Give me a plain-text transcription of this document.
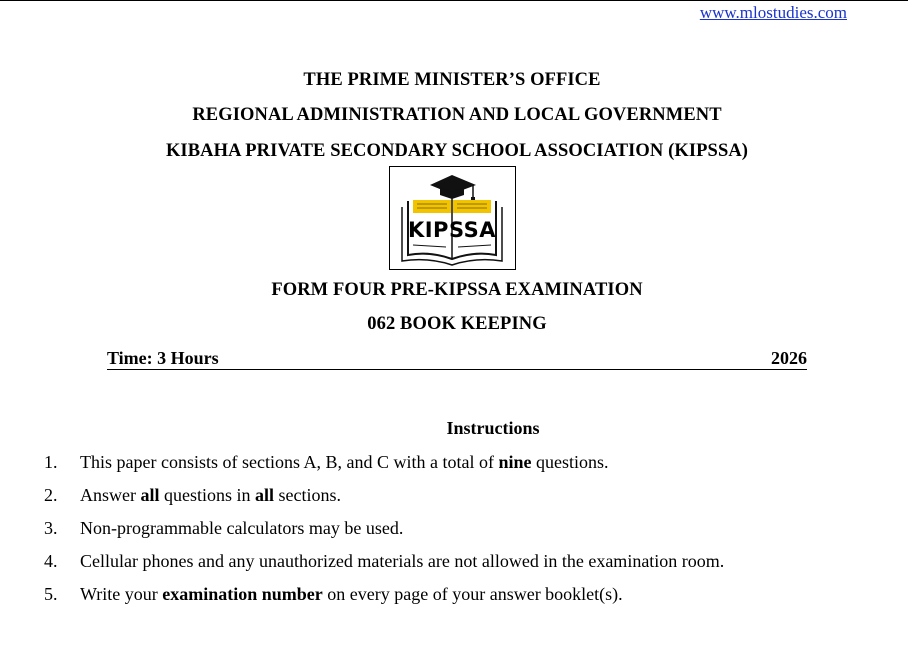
www.mlostudies.com
THE PRIME MINISTER’S OFFICE
REGIONAL ADMINISTRATION AND LOCAL GOVERNMENT
KIBAHA PRIVATE SECONDARY SCHOOL ASSOCIATION (KIPSSA)
KIPSSA
FORM FOUR PRE-KIPSSA EXAMINATION
062 BOOK KEEPING
Time: 3 Hours	2026
Instructions
1. This paper consists of sections A, B, and C with a total of nine questions.
2. Answer all questions in all sections.
3. Non-programmable calculators may be used.
4. Cellular phones and any unauthorized materials are not allowed in the examination room.
5. Write your examination number on every page of your answer booklet(s).
